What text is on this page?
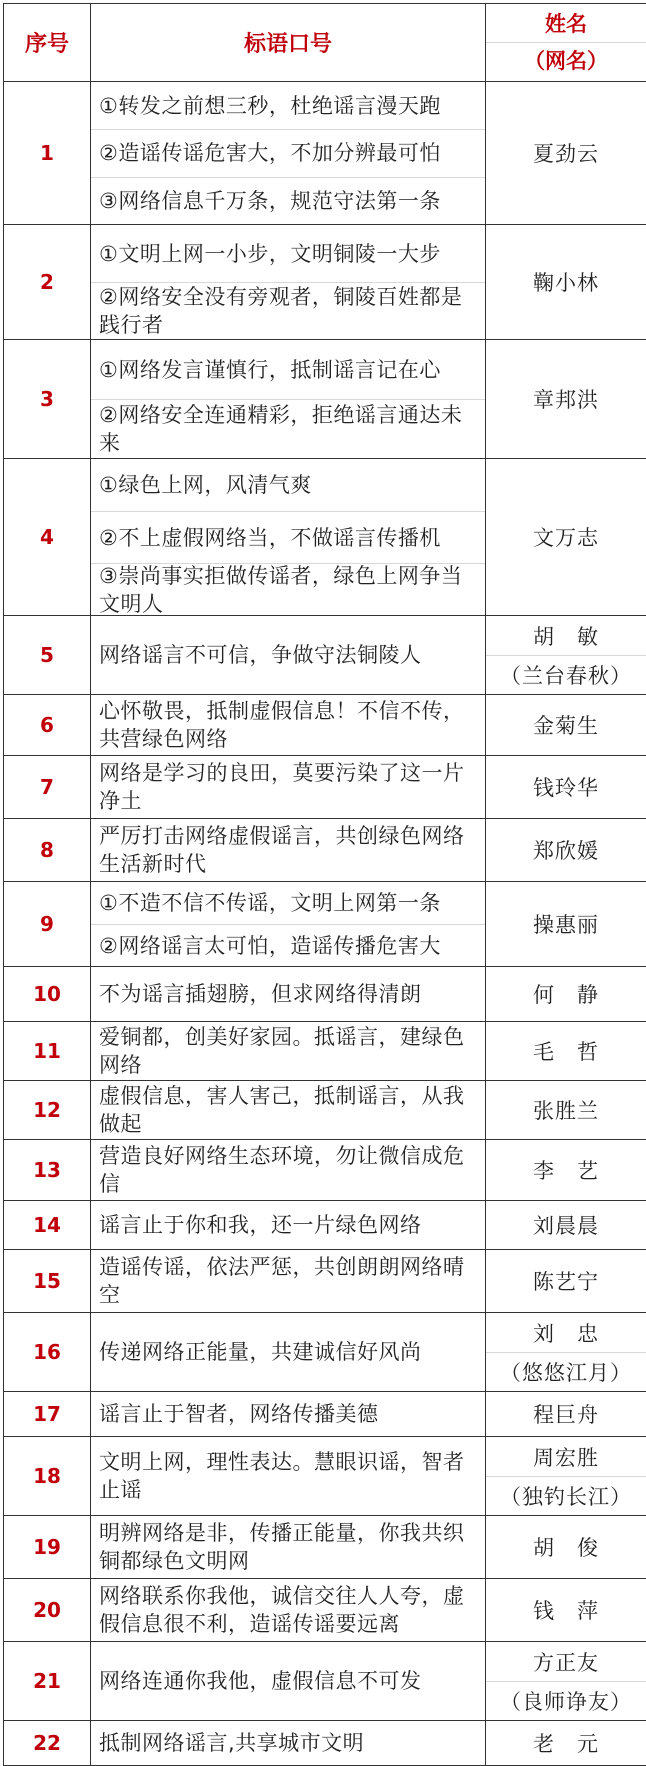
序号	标语口号	姓名
（网名）

1	①转发之前想三秒，杜绝谣言漫天跑
②造谣传谣危害大，不加分辨最可怕
③网络信息千万条，规范守法第一条	夏劲云

2	①文明上网一小步，文明铜陵一大步
②网络安全没有旁观者，铜陵百姓都是践行者	鞠小林

3	①网络发言谨慎行，抵制谣言记在心
②网络安全连通精彩，拒绝谣言通达未来	章邦洪

4	①绿色上网，风清气爽
②不上虚假网络当，不做谣言传播机
③崇尚事实拒做传谣者，绿色上网争当文明人	文万志

5	网络谣言不可信，争做守法铜陵人	胡　敏
（兰台春秋）

6	心怀敬畏，抵制虚假信息！不信不传，共营绿色网络	金菊生

7	网络是学习的良田，莫要污染了这一片净土	钱玲华

8	严厉打击网络虚假谣言，共创绿色网络生活新时代	郑欣媛

9	①不造不信不传谣，文明上网第一条
②网络谣言太可怕，造谣传播危害大	操惠丽

10	不为谣言插翅膀，但求网络得清朗	何　静

11	爱铜都，创美好家园。抵谣言，建绿色网络	毛　哲

12	虚假信息，害人害己，抵制谣言，从我做起	张胜兰

13	营造良好网络生态环境，勿让微信成危信	李　艺

14	谣言止于你和我，还一片绿色网络	刘晨晨

15	造谣传谣，依法严惩，共创朗朗网络晴空	陈艺宁

16	传递网络正能量，共建诚信好风尚	刘　忠
（悠悠江月）

17	谣言止于智者，网络传播美德	程巨舟

18	文明上网，理性表达。慧眼识谣，智者止谣	周宏胜
（独钓长江）

19	明辨网络是非，传播正能量，你我共织铜都绿色文明网	胡　俊

20	网络联系你我他，诚信交往人人夸，虚假信息很不利，造谣传谣要远离	钱　萍

21	网络连通你我他，虚假信息不可发	方正友
（良师诤友）

22	抵制网络谣言,共享城市文明	老　元
